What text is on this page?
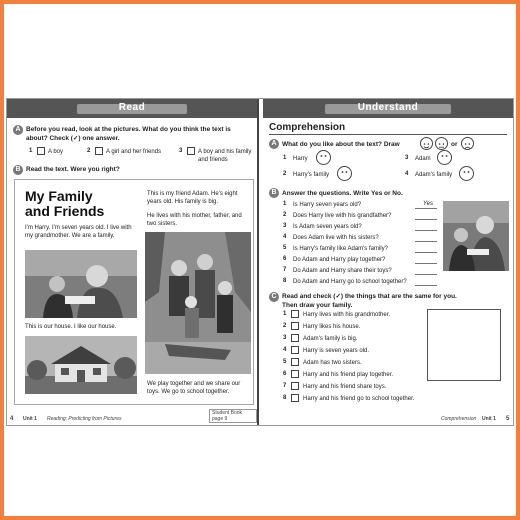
Read
A Before you read, look at the pictures. What do you think the text is about? Check (✓) one answer.
1	A boy	2	A girl and her friends	3	A boy and his family and friends
B Read the text. Were you right?
My Family
and Friends
I'm Harry. I'm seven years old. I live with my grandmother. We are a family.
This is our house. I like our house.
This is my friend Adam. He's eight years old. His family is big.
He lives with his mother, father, and two sisters.
We play together and we share our toys. We go to school together.
4 Unit 1 Reading: Predicting from Pictures
Student Book page 9
Understand
Comprehension
A What do you like about the text? Draw	or
1 Harry
2 Harry's family
3 Adam
4 Adam's family
B Answer the questions. Write Yes or No.
1 Is Harry seven years old?	Yes
2 Does Harry live with his grandfather?
3 Is Adam seven years old?
4 Does Adam live with his sisters?
5 Is Harry's family like Adam's family?
6 Do Adam and Harry play together?
7 Do Adam and Harry share their toys?
8 Do Adam and Harry go to school together?
C Read and check (✓) the things that are the same for you. Then draw your family.
1	Harry lives with his grandmother.
2	Harry likes his house.
3	Adam's family is big.
4	Harry is seven years old.
5	Adam has two sisters.
6	Harry and his friend play together.
7	Harry and his friend share toys.
8	Harry and his friend go to school together.
Comprehension Unit 1 5
